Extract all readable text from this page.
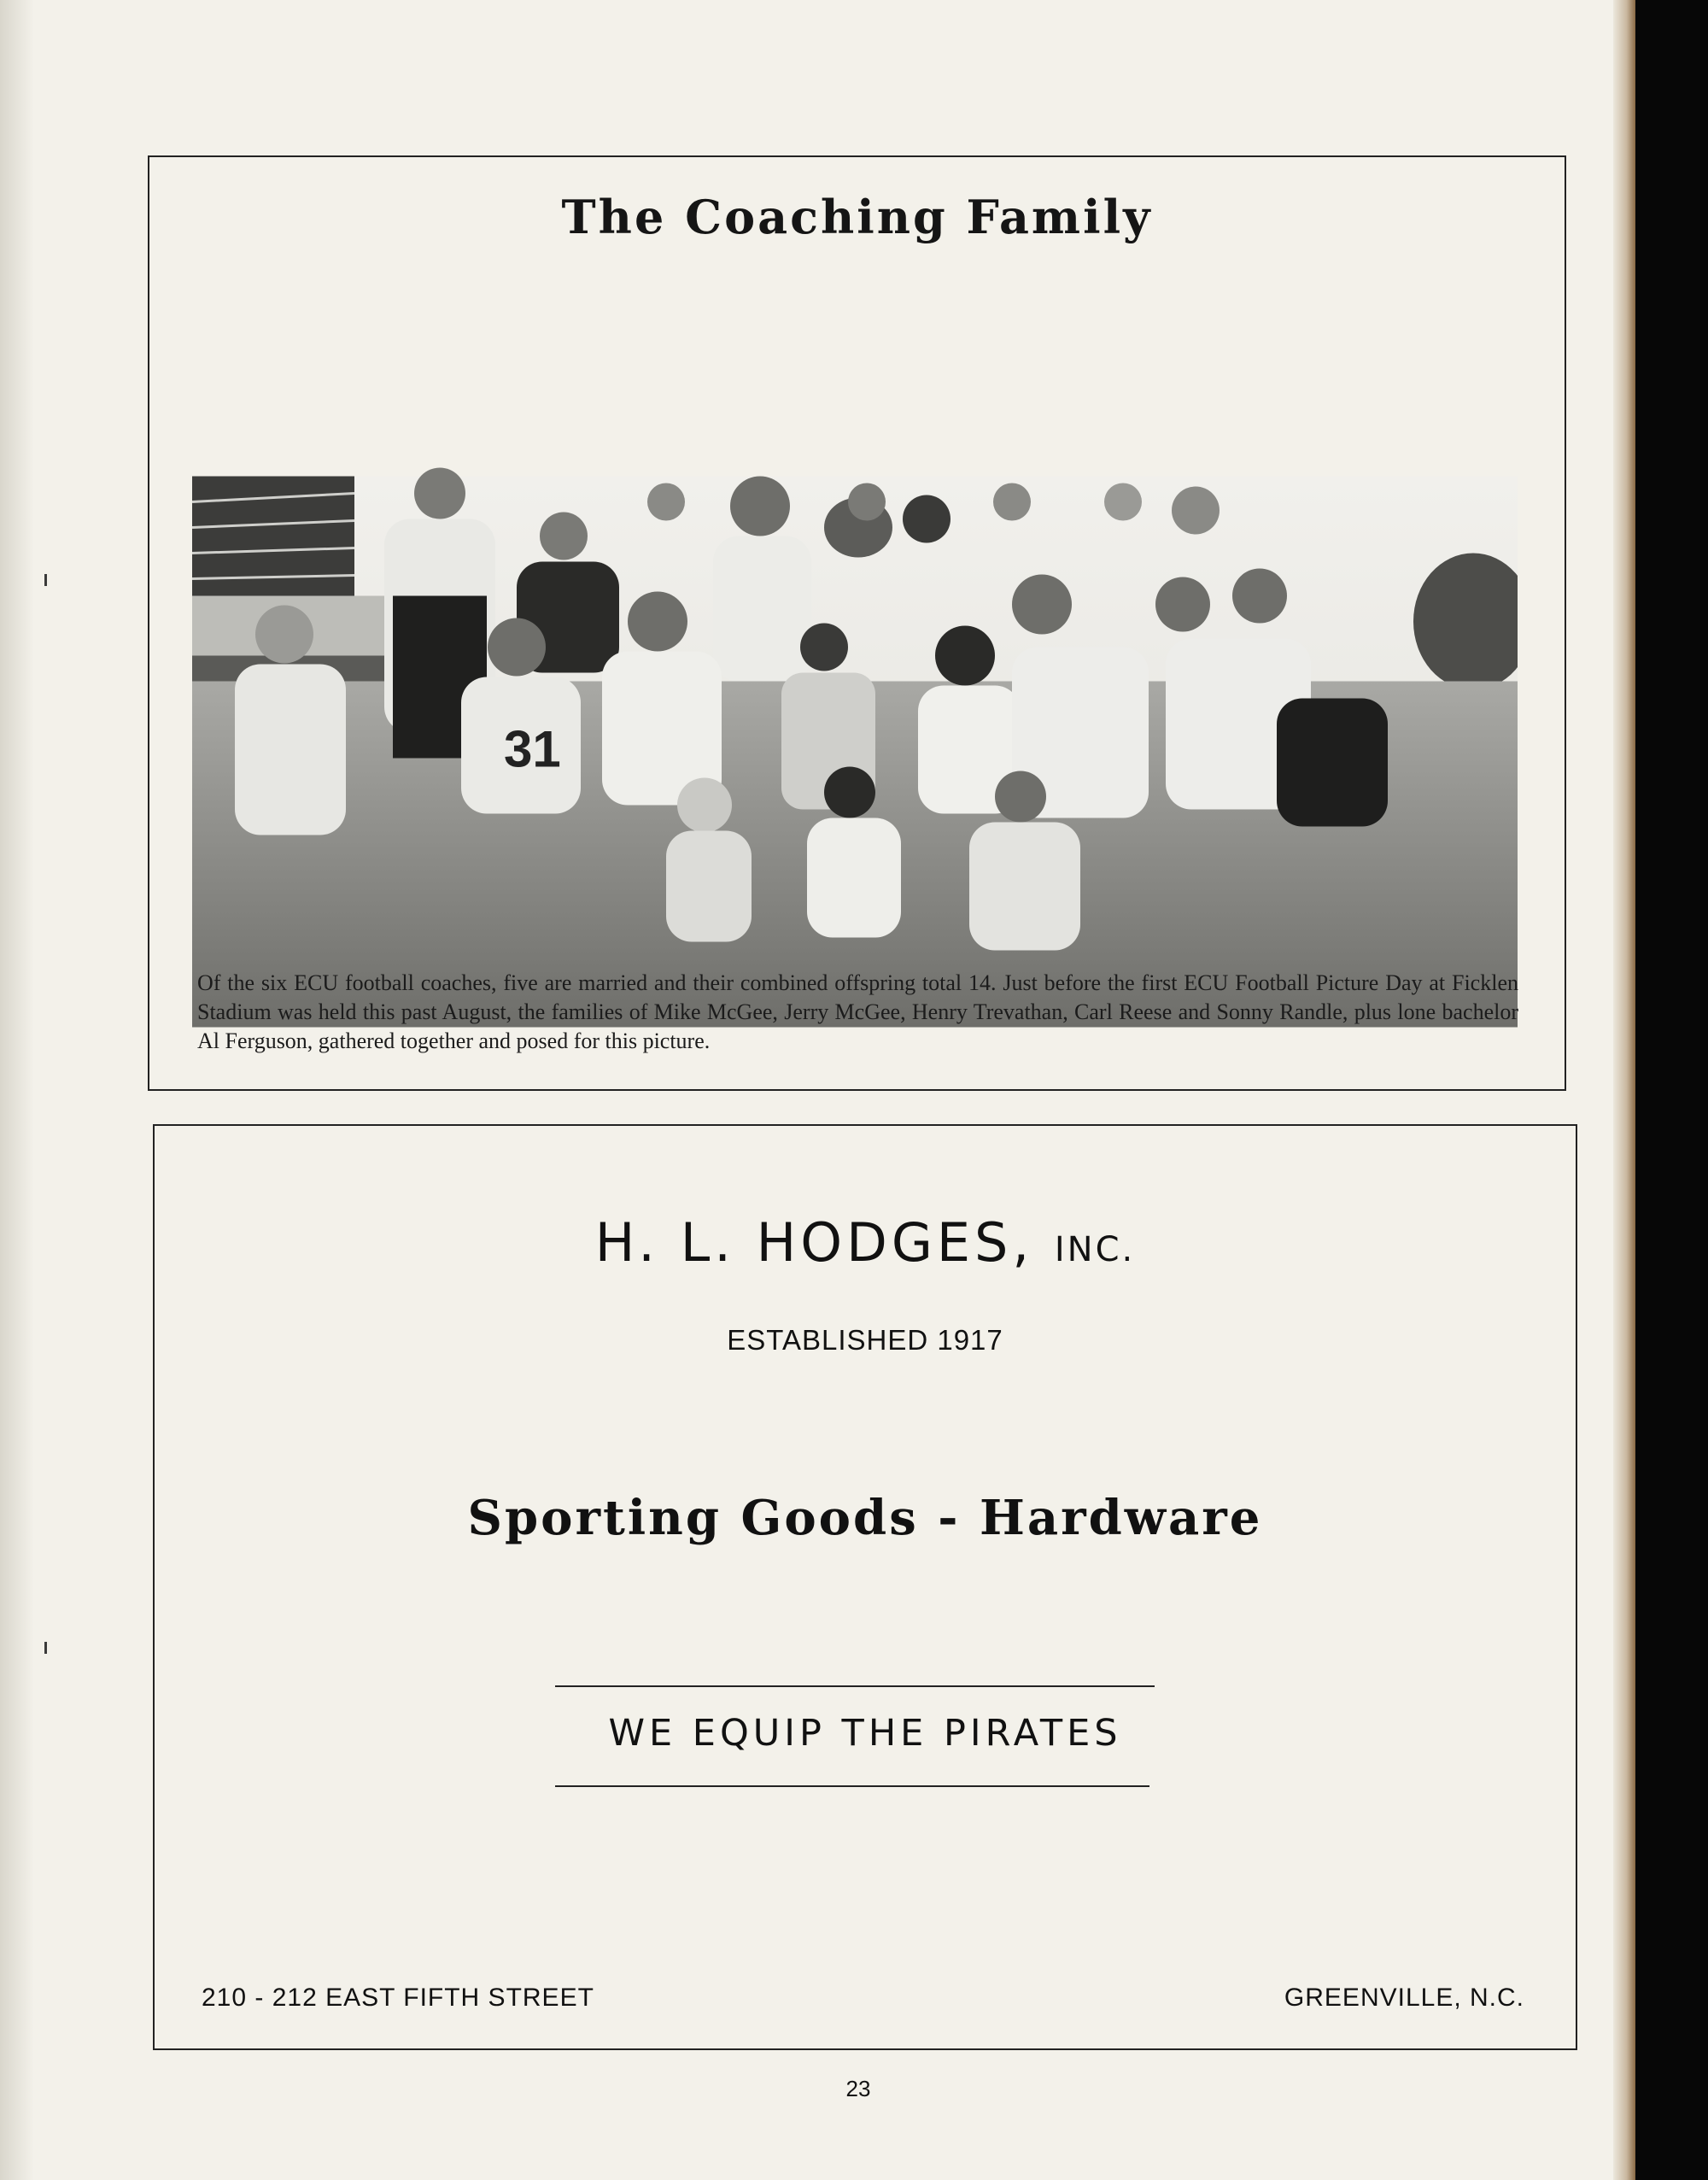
The Coaching Family
31
Of the six ECU football coaches, five are married and their combined offspring total 14. Just before the first ECU Football Picture Day at Ficklen Stadium was held this past August, the families of Mike McGee, Jerry McGee, Henry Trevathan, Carl Reese and Sonny Randle, plus lone bachelor Al Ferguson, gathered together and posed for this picture.
H. L. HODGES, INC.
ESTABLISHED 1917
Sporting Goods - Hardware
WE EQUIP THE PIRATES
210 - 212 EAST FIFTH STREET	GREENVILLE, N.C.
23
